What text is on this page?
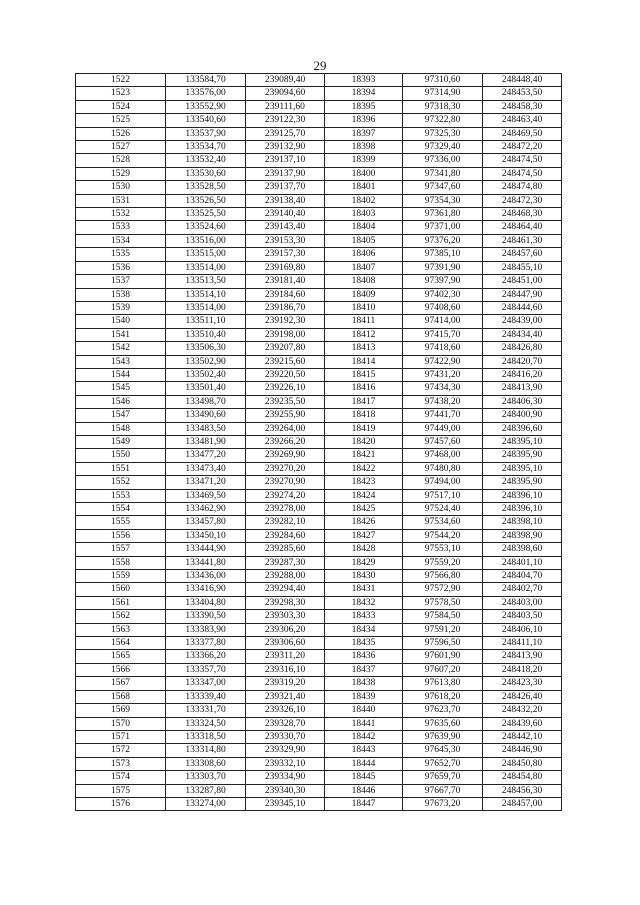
29
1522	133584,70	239089,40	18393	97310,60	248448,40
1523	133576,00	239094,60	18394	97314,90	248453,50
1524	133552,90	239111,60	18395	97318,30	248458,30
1525	133540,60	239122,30	18396	97322,80	248463,40
1526	133537,90	239125,70	18397	97325,30	248469,50
1527	133534,70	239132,90	18398	97329,40	248472,20
1528	133532,40	239137,10	18399	97336,00	248474,50
1529	133530,60	239137,90	18400	97341,80	248474,50
1530	133528,50	239137,70	18401	97347,60	248474,80
1531	133526,50	239138,40	18402	97354,30	248472,30
1532	133525,50	239140,40	18403	97361,80	248468,30
1533	133524,60	239143,40	18404	97371,00	248464,40
1534	133516,00	239153,30	18405	97376,20	248461,30
1535	133515,00	239157,30	18406	97385,10	248457,60
1536	133514,00	239169,80	18407	97391,90	248455,10
1537	133513,50	239181,40	18408	97397,90	248451,00
1538	133514,10	239184,60	18409	97402,30	248447,90
1539	133514,00	239186,70	18410	97408,60	248444,60
1540	133511,10	239192,30	18411	97414,00	248439,00
1541	133510,40	239198,00	18412	97415,70	248434,40
1542	133506,30	239207,80	18413	97418,60	248426,80
1543	133502,90	239215,60	18414	97422,90	248420,70
1544	133502,40	239220,50	18415	97431,20	248416,20
1545	133501,40	239226,10	18416	97434,30	248413,90
1546	133498,70	239235,50	18417	97438,20	248406,30
1547	133490,60	239255,90	18418	97441,70	248400,90
1548	133483,50	239264,00	18419	97449,00	248396,60
1549	133481,90	239266,20	18420	97457,60	248395,10
1550	133477,20	239269,90	18421	97468,00	248395,90
1551	133473,40	239270,20	18422	97480,80	248395,10
1552	133471,20	239270,90	18423	97494,00	248395,90
1553	133469,50	239274,20	18424	97517,10	248396,10
1554	133462,90	239278,00	18425	97524,40	248396,10
1555	133457,80	239282,10	18426	97534,60	248398,10
1556	133450,10	239284,60	18427	97544,20	248398,90
1557	133444,90	239285,60	18428	97553,10	248398,60
1558	133441,80	239287,30	18429	97559,20	248401,10
1559	133436,00	239288,00	18430	97566,80	248404,70
1560	133416,90	239294,40	18431	97572,90	248402,70
1561	133404,80	239298,30	18432	97578,50	248403,00
1562	133390,50	239303,30	18433	97584,50	248403,50
1563	133383,90	239306,20	18434	97591,20	248406,10
1564	133377,80	239306,60	18435	97596,50	248411,10
1565	133366,20	239311,20	18436	97601,90	248413,90
1566	133357,70	239316,10	18437	97607,20	248418,20
1567	133347,00	239319,20	18438	97613,80	248423,30
1568	133339,40	239321,40	18439	97618,20	248426,40
1569	133331,70	239326,10	18440	97623,70	248432,20
1570	133324,50	239328,70	18441	97635,60	248439,60
1571	133318,50	239330,70	18442	97639,90	248442,10
1572	133314,80	239329,90	18443	97645,30	248446,90
1573	133308,60	239332,10	18444	97652,70	248450,80
1574	133303,70	239334,90	18445	97659,70	248454,80
1575	133287,80	239340,30	18446	97667,70	248456,30
1576	133274,00	239345,10	18447	97673,20	248457,00
